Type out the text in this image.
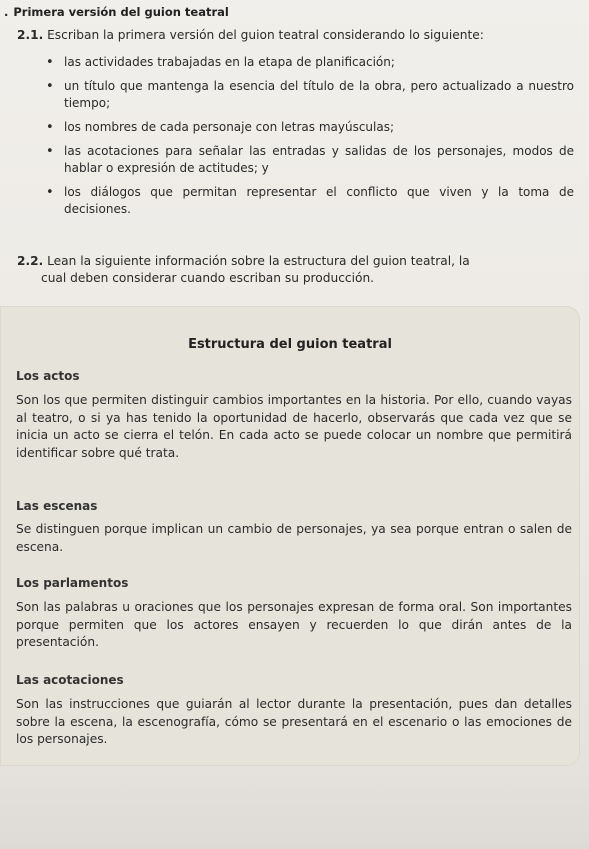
. Primera versión del guion teatral
2.1. Escriban la primera versión del guion teatral considerando lo siguiente:
• las actividades trabajadas en la etapa de planificación;
• un título que mantenga la esencia del título de la obra, pero actualizado a nuestro tiempo;
• los nombres de cada personaje con letras mayúsculas;
• las acotaciones para señalar las entradas y salidas de los personajes, modos de hablar o expresión de actitudes; y
• los diálogos que permitan representar el conflicto que viven y la toma de decisiones.
2.2. Lean la siguiente información sobre la estructura del guion teatral, la
cual deben considerar cuando escriban su producción.
Estructura del guion teatral
Los actos
Son los que permiten distinguir cambios importantes en la historia. Por ello, cuando vayas al teatro, o si ya has tenido la oportunidad de hacerlo, observarás que cada vez que se inicia un acto se cierra el telón. En cada acto se puede colocar un nombre que permitirá identificar sobre qué trata.
Las escenas
Se distinguen porque implican un cambio de personajes, ya sea porque entran o salen de escena.
Los parlamentos
Son las palabras u oraciones que los personajes expresan de forma oral. Son importantes porque permiten que los actores ensayen y recuerden lo que dirán antes de la presentación.
Las acotaciones
Son las instrucciones que guiarán al lector durante la presentación, pues dan detalles sobre la escena, la escenografía, cómo se presentará en el escenario o las emociones de los personajes.
